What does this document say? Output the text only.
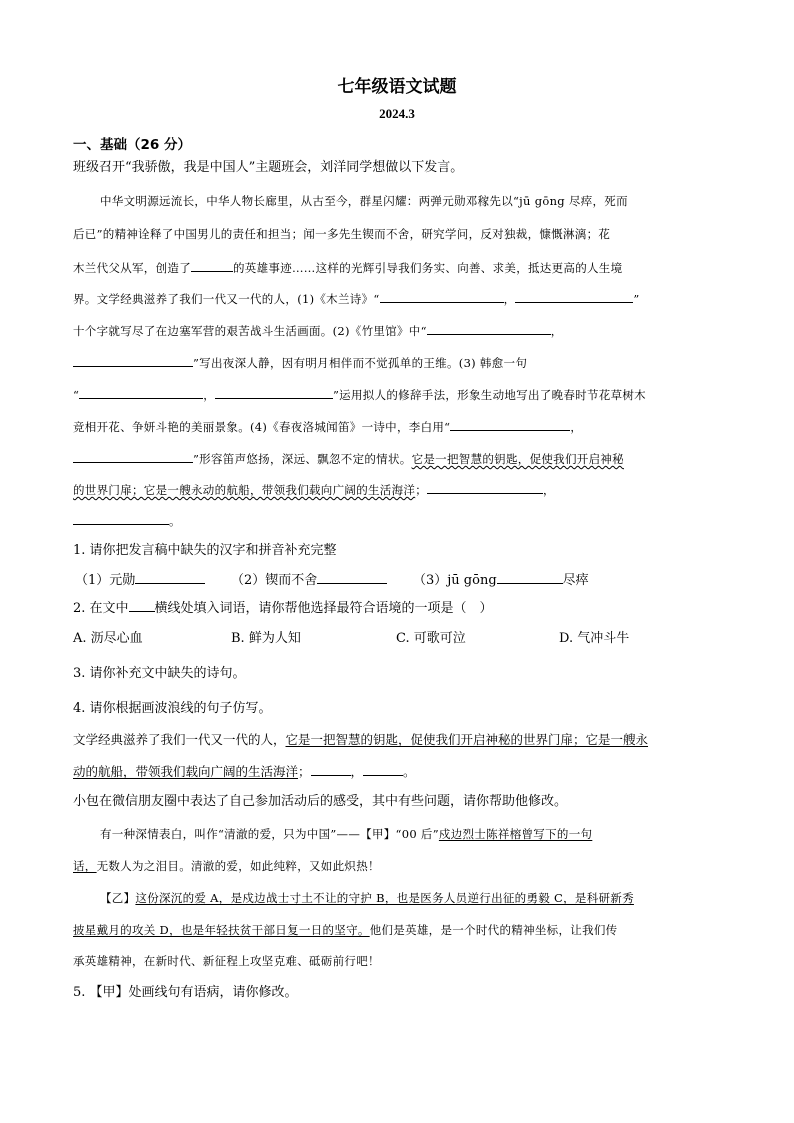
七年级语文试题
2024.3
一、基础（26 分）
班级召开“我骄傲，我是中国人”主题班会，刘洋同学想做以下发言。
中华文明源远流长，中华人物长廊里，从古至今，群星闪耀：两弹元勋邓稼先以“jū gōng 尽瘁，死而
后已”的精神诠释了中国男儿的责任和担当；闻一多先生锲而不舍，研究学问，反对独裁，慷慨淋漓；花
木兰代父从军，创造了	的英雄事迹……这样的光辉引导我们务实、向善、求美，抵达更高的人生境
界。文学经典滋养了我们一代又一代的人，(1)《木兰诗》“	，	”
十个字就写尽了在边塞军营的艰苦战斗生活画面。(2)《竹里馆》中“	，
”写出夜深人静，因有明月相伴而不觉孤单的王维。(3) 韩愈一句
“	，	”运用拟人的修辞手法，形象生动地写出了晚春时节花草树木
竞相开花、争妍斗艳的美丽景象。(4)《春夜洛城闻笛》一诗中，李白用“	，
”形容笛声悠扬，深远、飘忽不定的情状。它是一把智慧的钥匙，促使我们开启神秘
的世界门扉；它是一艘永动的航船，带领我们载向广阔的生活海洋；	，
。
1. 请你把发言稿中缺失的汉字和拼音补充完整
（1）元勋	（2）锲而不舍	（3）jū gōng	尽瘁
2. 在文中 横线处填入词语，请你帮他选择最符合语境的一项是（　）
A. 沥尽心血	B. 鲜为人知	C. 可歌可泣	D. 气冲斗牛
3. 请你补充文中缺失的诗句。
4. 请你根据画波浪线的句子仿写。
文学经典滋养了我们一代又一代的人，它是一把智慧的钥匙，促使我们开启神秘的世界门扉；它是一艘永
动的航船，带领我们载向广阔的生活海洋；	，	。
小包在微信朋友圈中表达了自己参加活动后的感受，其中有些问题，请你帮助他修改。
有一种深情表白，叫作“清澈的爱，只为中国”——【甲】“00 后”戍边烈士陈祥榕曾写下的一句
话，无数人为之泪目。清澈的爱，如此纯粹，又如此炽热！
【乙】这份深沉的爱 A，是戍边战士寸土不让的守护 B，也是医务人员逆行出征的勇毅 C，是科研新秀
披星戴月的攻关 D，也是年轻扶贫干部日复一日的坚守。他们是英雄，是一个时代的精神坐标，让我们传
承英雄精神，在新时代、新征程上攻坚克难、砥砺前行吧！
5. 【甲】处画线句有语病，请你修改。
